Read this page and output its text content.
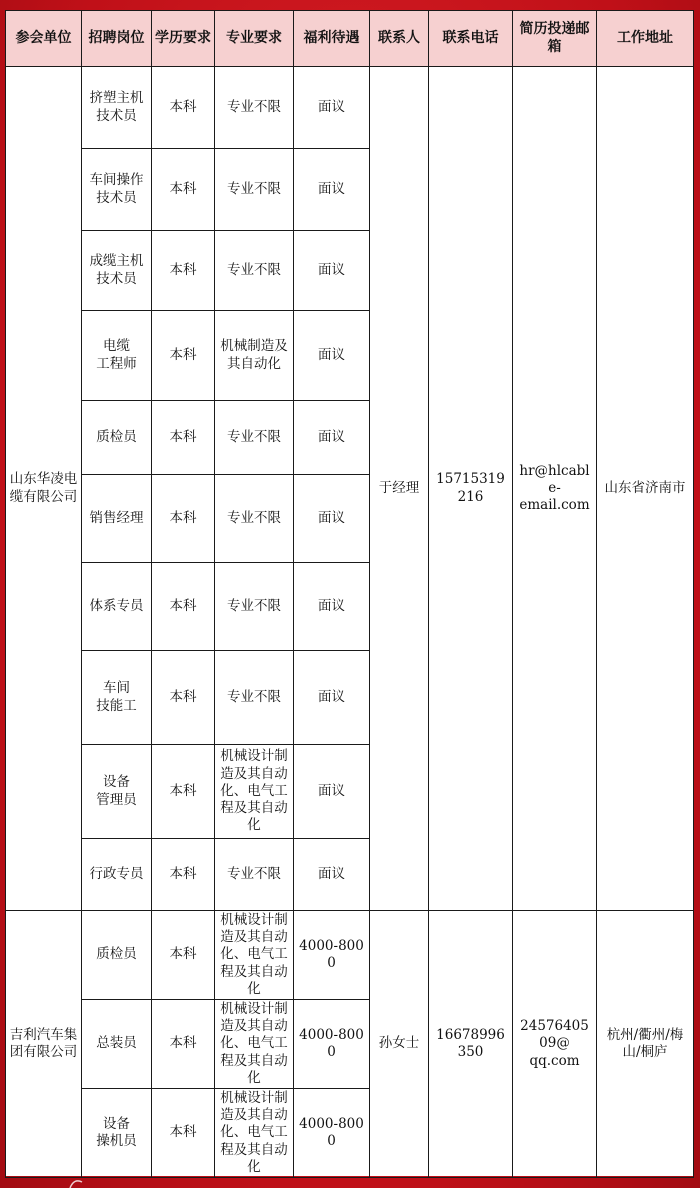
参会单位	招聘岗位	学历要求	专业要求	福利待遇	联系人	联系电话	简历投递邮箱	工作地址
山东华凌电
缆有限公司	挤塑主机
技术员	本科	专业不限	面议	于经理	15715319216	hr@hlcable-
email.com	山东省济南市
	车间操作
技术员	本科	专业不限	面议				
	成缆主机
技术员	本科	专业不限	面议				
	电缆
工程师	本科	机械制造及
其自动化	面议				
	质检员	本科	专业不限	面议				
	销售经理	本科	专业不限	面议				
	体系专员	本科	专业不限	面议				
	车间
技能工	本科	专业不限	面议				
	设备
管理员	本科	机械设计制
造及其自动
化、电气工
程及其自动
化	面议				
	行政专员	本科	专业不限	面议				
吉利汽车集
团有限公司	质检员	本科	机械设计制
造及其自动
化、电气工
程及其自动
化	4000-8000	孙女士	16678996350	2457640509@
qq.com	杭州/衢州/梅
山/桐庐
	总装员	本科	机械设计制
造及其自动
化、电气工
程及其自动
化	4000-8000				
	设备
操机员	本科	机械设计制
造及其自动
化、电气工
程及其自动
化	4000-8000				
